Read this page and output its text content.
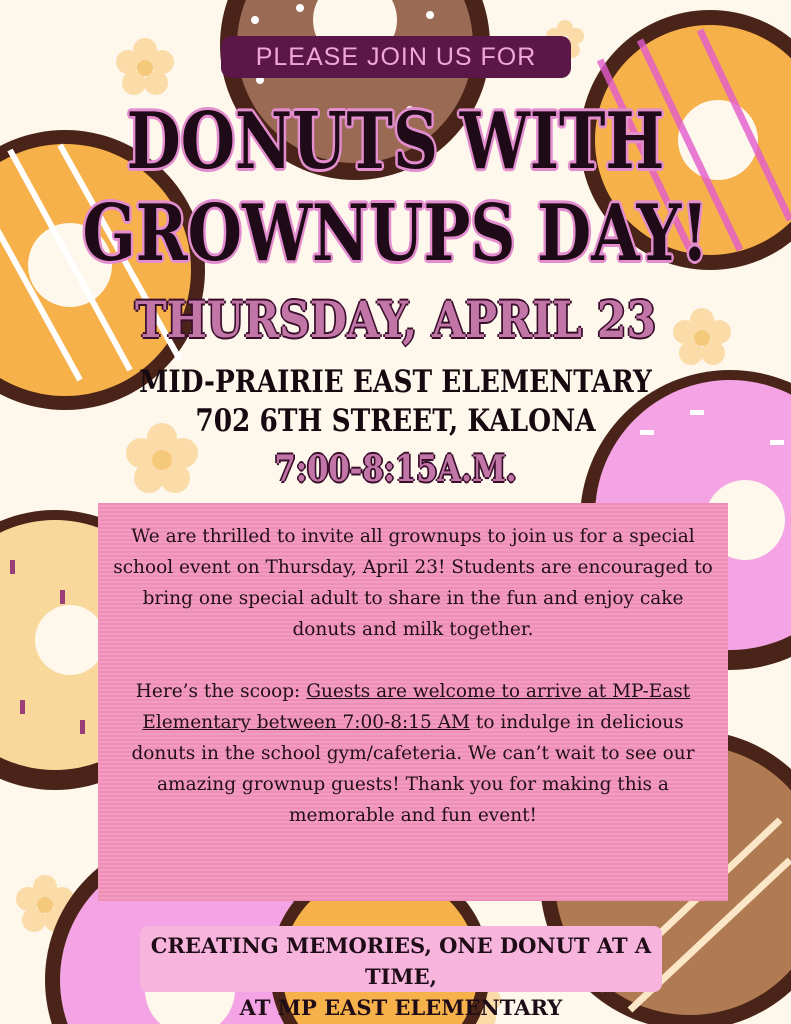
PLEASE JOIN US FOR
DONUTS WITH
GROWNUPS DAY!
THURSDAY, APRIL 23
MID-PRAIRIE EAST ELEMENTARY
702 6TH STREET, KALONA
7:00-8:15A.M.

We are thrilled to invite all grownups to join us for a special school event on Thursday, April 23! Students are encouraged to bring one special adult to share in the fun and enjoy cake donuts and milk together.

Here’s the scoop: Guests are welcome to arrive at MP-East Elementary between 7:00-8:15 AM to indulge in delicious donuts in the school gym/cafeteria. We can’t wait to see our amazing grownup guests! Thank you for making this a memorable and fun event!

CREATING MEMORIES, ONE DONUT AT A TIME,
AT MP EAST ELEMENTARY
